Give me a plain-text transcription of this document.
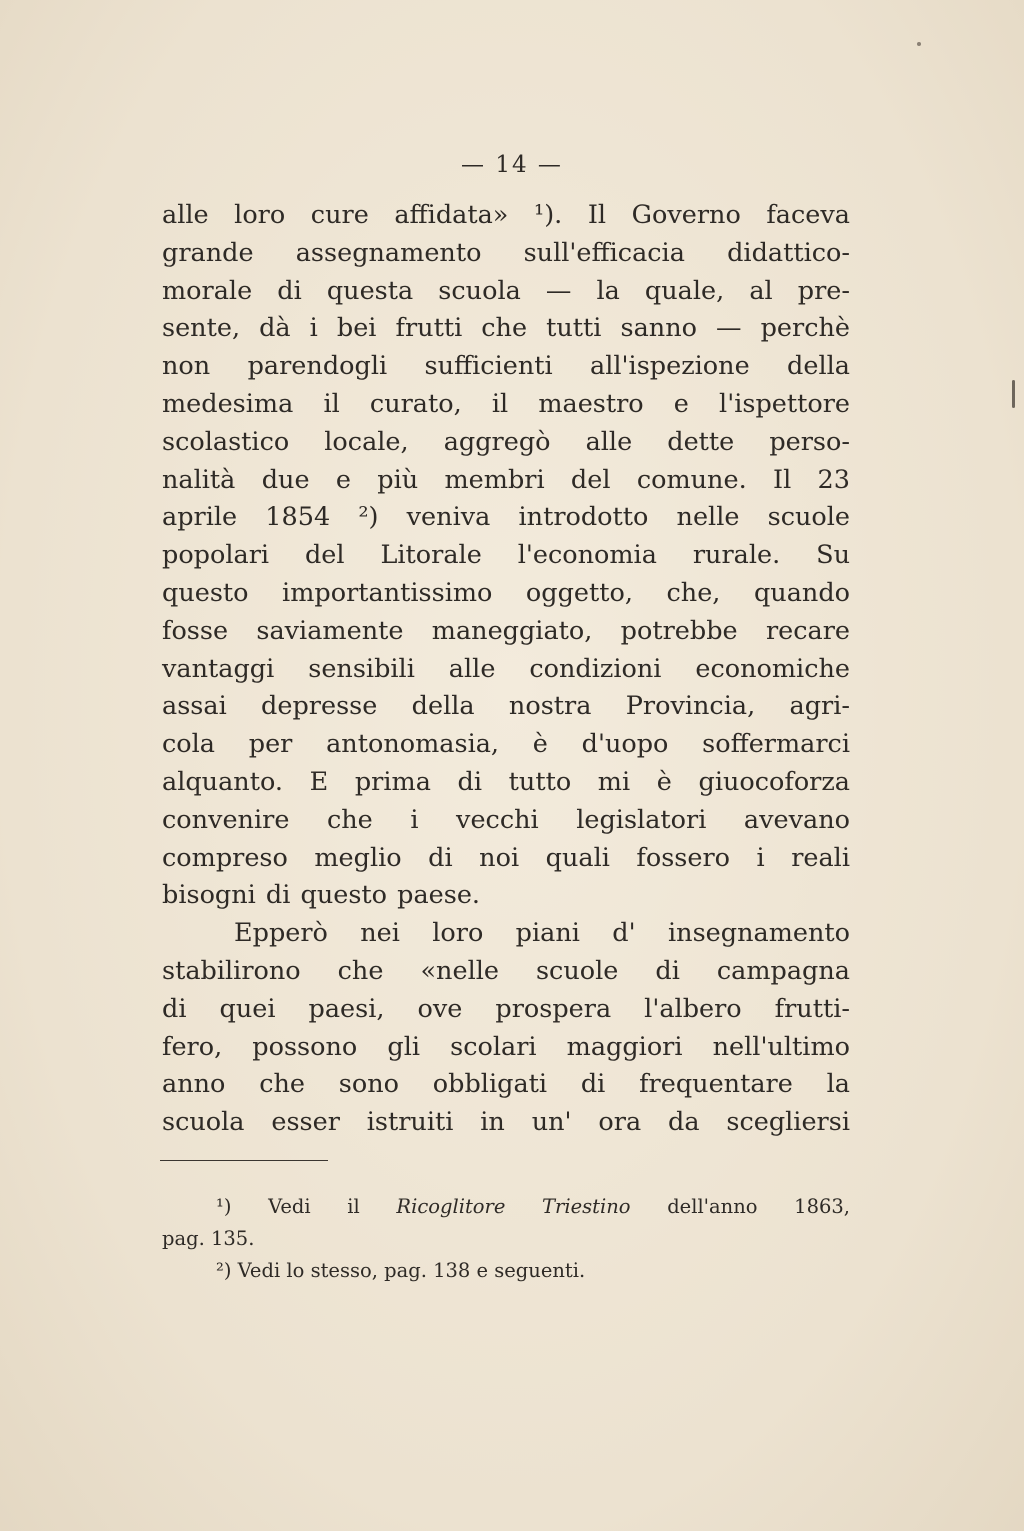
— 14 —
alle loro cure affidata» ¹). Il Governo faceva
grande assegnamento sull'efficacia didattico-
morale di questa scuola — la quale, al pre-
sente, dà i bei frutti che tutti sanno — perchè
non parendogli sufficienti all'ispezione della
medesima il curato, il maestro e l'ispettore
scolastico locale, aggregò alle dette perso-
nalità due e più membri del comune. Il 23
aprile 1854 ²) veniva introdotto nelle scuole
popolari del Litorale l'economia rurale. Su
questo importantissimo oggetto, che, quando
fosse saviamente maneggiato, potrebbe recare
vantaggi sensibili alle condizioni economiche
assai depresse della nostra Provincia, agri-
cola per antonomasia, è d'uopo soffermarci
alquanto. E prima di tutto mi è giuocoforza
convenire che i vecchi legislatori avevano
compreso meglio di noi quali fossero i reali
bisogni di questo paese.
Epperò nei loro piani d' insegnamento
stabilirono che «nelle scuole di campagna
di quei paesi, ove prospera l'albero frutti-
fero, possono gli scolari maggiori nell'ultimo
anno che sono obbligati di frequentare la
scuola esser istruiti in un' ora da scegliersi
¹) Vedi il Ricoglitore Triestino dell'anno 1863,
pag. 135.
²) Vedi lo stesso, pag. 138 e seguenti.
